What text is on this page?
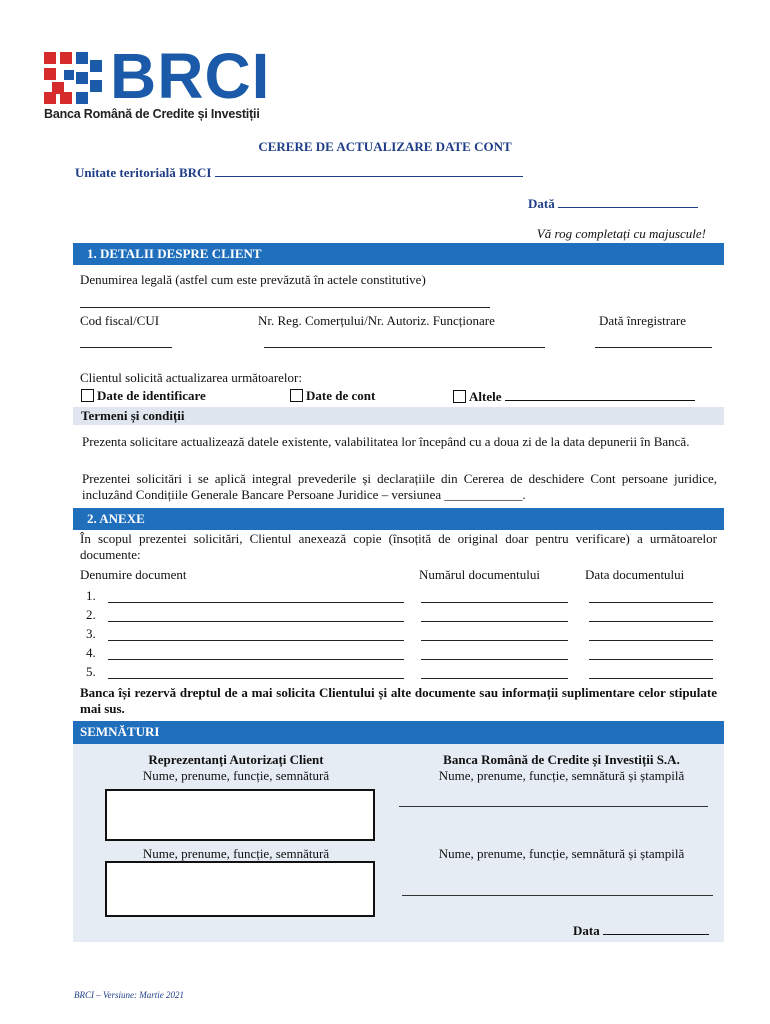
BRCI
Banca Română de Credite și Investiții
CERERE DE ACTUALIZARE DATE CONT
Unitate teritorială BRCI
Dată
Vă rog completați cu majuscule!
1. DETALII DESPRE CLIENT
Denumirea legală (astfel cum este prevăzută în actele constitutive)
Cod fiscal/CUI	Nr. Reg. Comerțului/Nr. Autoriz. Funcționare	Dată înregistrare
Clientul solicită actualizarea următoarelor:
Date de identificare	Date de cont	Altele
Termeni și condiții
Prezenta solicitare actualizează datele existente, valabilitatea lor începând cu a doua zi de la data depunerii în Bancă.
Prezentei solicitări i se aplică integral prevederile și declarațiile din Cererea de deschidere Cont persoane juridice, incluzând Condițiile Generale Bancare Persoane Juridice – versiunea ____________.
2. ANEXE
În scopul prezentei solicitări, Clientul anexează copie (însoțită de original doar pentru verificare) a următoarelor documente:
Denumire document	Numărul documentului	Data documentului
1.
2.
3.
4.
5.
Banca își rezervă dreptul de a mai solicita Clientului și alte documente sau informații suplimentare celor stipulate mai sus.
SEMNĂTURI
Reprezentanți Autorizați Client
Nume, prenume, funcție, semnătură
Nume, prenume, funcție, semnătură
Banca Română de Credite și Investiții S.A.
Nume, prenume, funcție, semnătură și ștampilă
Nume, prenume, funcție, semnătură și ștampilă
Data
BRCI – Versiune: Martie 2021
